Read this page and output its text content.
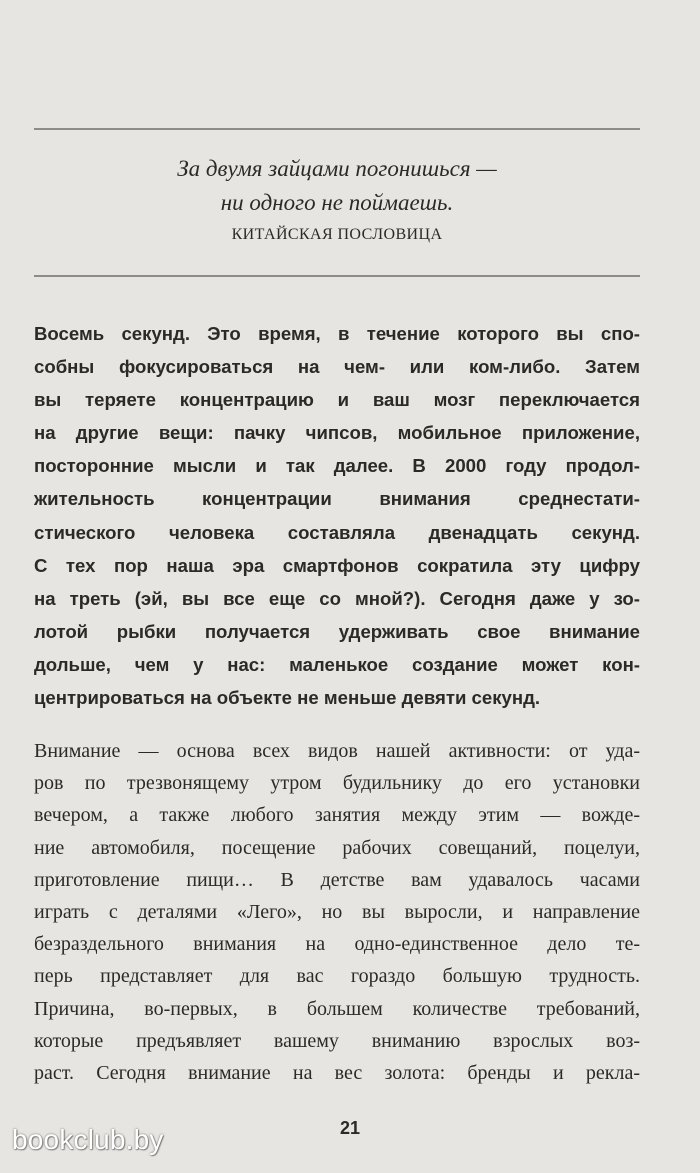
За двумя зайцами погонишься —
ни одного не поймаешь.
КИТАЙСКАЯ ПОСЛОВИЦА
Восемь секунд. Это время, в течение которого вы спо-
собны фокусироваться на чем- или ком-либо. Затем
вы теряете концентрацию и ваш мозг переключается
на другие вещи: пачку чипсов, мобильное приложение,
посторонние мысли и так далее. В 2000 году продол-
жительность концентрации внимания среднестати-
стического человека составляла двенадцать секунд.
С тех пор наша эра смартфонов сократила эту цифру
на треть (эй, вы все еще со мной?). Сегодня даже у зо-
лотой рыбки получается удерживать свое внимание
дольше, чем у нас: маленькое создание может кон-
центрироваться на объекте не меньше девяти секунд.
Внимание — основа всех видов нашей активности: от уда-
ров по трезвонящему утром будильнику до его установки
вечером, а также любого занятия между этим — вожде-
ние автомобиля, посещение рабочих совещаний, поцелуи,
приготовление пищи… В детстве вам удавалось часами
играть с деталями «Лего», но вы выросли, и направление
безраздельного внимания на одно-единственное дело те-
перь представляет для вас гораздо большую трудность.
Причина, во-первых, в большем количестве требований,
которые предъявляет вашему вниманию взрослых воз-
раст. Сегодня внимание на вес золота: бренды и рекла-
21
bookclub.by
